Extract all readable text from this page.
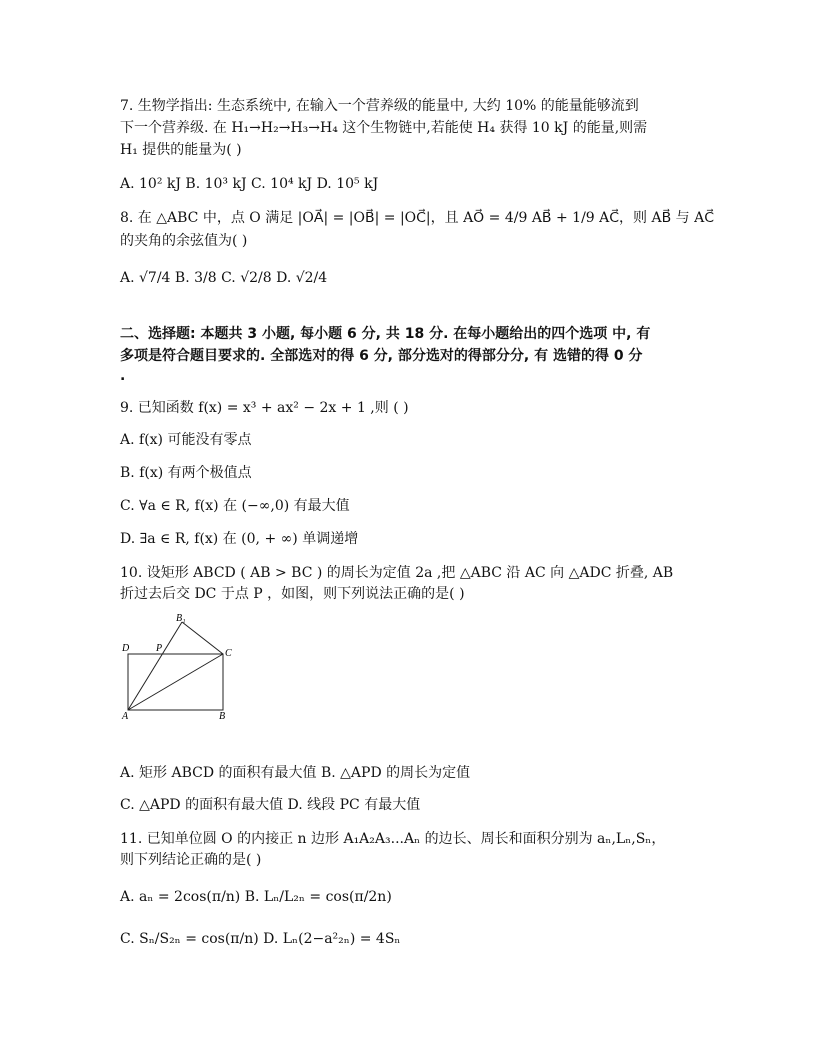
7. 生物学指出: 生态系统中, 在输入一个营养级的能量中, 大约 10% 的能量能够流到
下一个营养级. 在 H₁→H₂→H₃→H₄ 这个生物链中,若能使 H₄ 获得 10 kJ 的能量,则需
H₁ 提供的能量为( )
A. 10² kJ B. 10³ kJ C. 10⁴ kJ D. 10⁵ kJ
8. 在 △ABC 中，点 O 满足 |OA⃗| = |OB⃗| = |OC⃗|，且 AO⃗ = 4/9 AB⃗ + 1/9 AC⃗，则 AB⃗ 与 AC⃗
的夹角的余弦值为( )
A. √7/4 B. 3/8 C. √2/8 D. √2/4
二、选择题: 本题共 3 小题, 每小题 6 分, 共 18 分. 在每小题给出的四个选项 中, 有
多项是符合题目要求的. 全部选对的得 6 分, 部分选对的得部分分, 有 选错的得 0 分
.
9. 已知函数 f(x) = x³ + ax² − 2x + 1 ,则 ( )
A. f(x) 可能没有零点
B. f(x) 有两个极值点
C. ∀a ∈ R, f(x) 在 (−∞,0) 有最大值
D. ∃a ∈ R, f(x) 在 (0, + ∞) 单调递增
10. 设矩形 ABCD ( AB > BC ) 的周长为定值 2a ,把 △ABC 沿 AC 向 △ADC 折叠, AB
折过去后交 DC 于点 P ，如图，则下列说法正确的是( )
B₁
D	P	C
A	B
A. 矩形 ABCD 的面积有最大值 B. △APD 的周长为定值
C. △APD 的面积有最大值 D. 线段 PC 有最大值
11. 已知单位圆 O 的内接正 n 边形 A₁A₂A₃...Aₙ 的边长、周长和面积分别为 aₙ,Lₙ,Sₙ，
则下列结论正确的是( )
A. aₙ = 2cos(π/n) B. Lₙ/L₂ₙ = cos(π/2n)
C. Sₙ/S₂ₙ = cos(π/n) D. Lₙ(2−a²₂ₙ) = 4Sₙ
